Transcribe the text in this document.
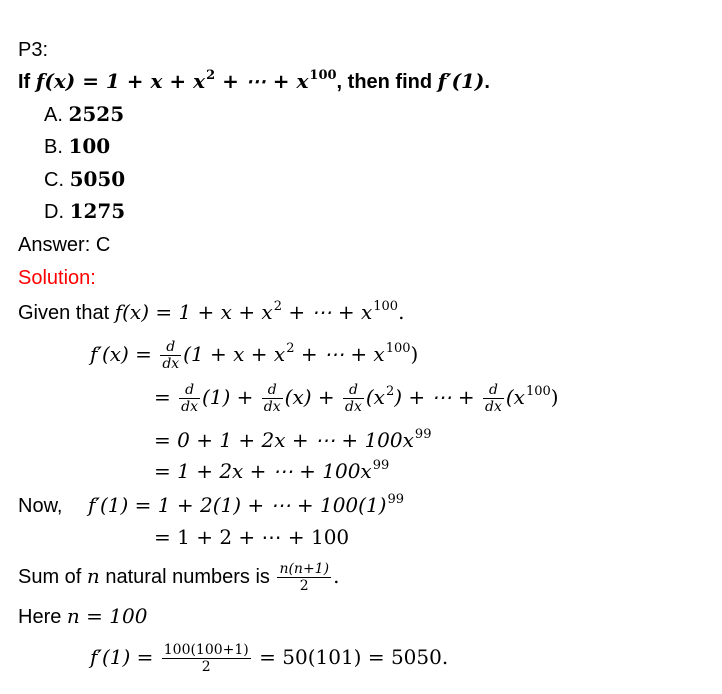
P3:
If $f(x) = 1 + x + x^2$ + ⋯ + $x^{100}$, then find f′(1).
A. 2525
B. 100
C. 5050
D. 1275
Answer: C
Solution:
Given that $f(x) = 1 + x + x^2$ + ⋯ + $x^{100}$.
$f'(x) = \frac{d}{dx} (1 + x + x^2$ + ⋯ + $x^{100}$)
= $\frac{d}{dx} (1) + \frac{d}{dx} (x) + \frac{d}{dx} (x^2)$ + ⋯ + $\frac{d}{dx} (x^{100})$
= 0 + 1 + 2x + ⋯ + $100x^{99}$
= 1 + 2x + ⋯ + $100x^{99}$
Now, f′(1) = 1 + 2(1) + ⋯ + $100(1)^{99}$
= 1 + 2 + ⋯ + 100
Sum of n natural numbers is $\frac{n(n+1)}{2}$ .
Here n = 100
$f'(1) = \frac{100(100+1)}{2} = 50(101) = 5050$.
